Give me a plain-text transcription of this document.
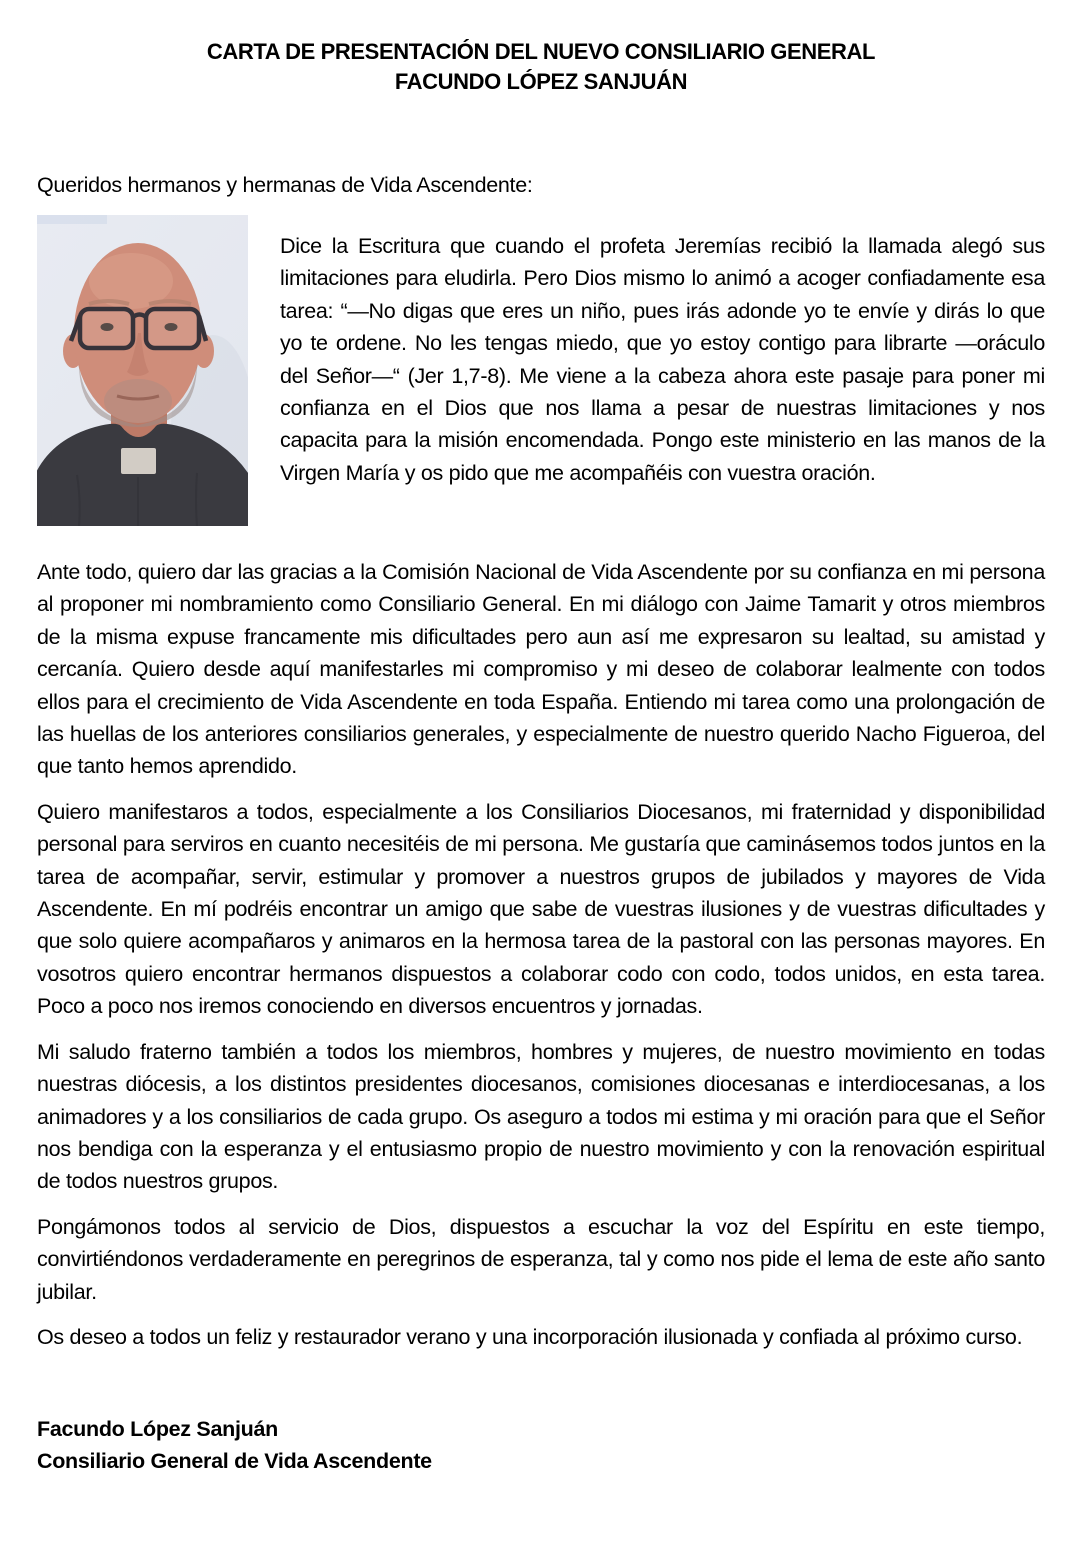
CARTA DE PRESENTACIÓN DEL NUEVO CONSILIARIO GENERAL
FACUNDO LÓPEZ SANJUÁN

Queridos hermanos y hermanas de Vida Ascendente:

Dice la Escritura que cuando el profeta Jeremías recibió la llamada alegó sus limitaciones para eludirla. Pero Dios mismo lo animó a acoger confiadamente esa tarea: “—No digas que eres un niño, pues irás adonde yo te envíe y dirás lo que yo te ordene. No les tengas miedo, que yo estoy contigo para librarte —oráculo del Señor—“ (Jer 1,7-8). Me viene a la cabeza ahora este pasaje para poner mi confianza en el Dios que nos llama a pesar de nuestras limitaciones y nos capacita para la misión encomendada. Pongo este ministerio en las manos de la Virgen María y os pido que me acompañéis con vuestra oración.

Ante todo, quiero dar las gracias a la Comisión Nacional de Vida Ascendente por su confianza en mi persona al proponer mi nombramiento como Consiliario General. En mi diálogo con Jaime Tamarit y otros miembros de la misma expuse francamente mis dificultades pero aun así me expresaron su lealtad, su amistad y cercanía. Quiero desde aquí manifestarles mi compromiso y mi deseo de colaborar lealmente con todos ellos para el crecimiento de Vida Ascendente en toda España. Entiendo mi tarea como una prolongación de las huellas de los anteriores consiliarios generales, y especialmente de nuestro querido Nacho Figueroa, del que tanto hemos aprendido.

Quiero manifestaros a todos, especialmente a los Consiliarios Diocesanos, mi fraternidad y disponibilidad personal para serviros en cuanto necesitéis de mi persona. Me gustaría que caminásemos todos juntos en la tarea de acompañar, servir, estimular y promover a nuestros grupos de jubilados y mayores de Vida Ascendente. En mí podréis encontrar un amigo que sabe de vuestras ilusiones y de vuestras dificultades y que solo quiere acompañaros y animaros en la hermosa tarea de la pastoral con las personas mayores. En vosotros quiero encontrar hermanos dispuestos a colaborar codo con codo, todos unidos, en esta tarea. Poco a poco nos iremos conociendo en diversos encuentros y jornadas.

Mi saludo fraterno también a todos los miembros, hombres y mujeres, de nuestro movimiento en todas nuestras diócesis, a los distintos presidentes diocesanos, comisiones diocesanas e interdiocesanas, a los animadores y a los consiliarios de cada grupo. Os aseguro a todos mi estima y mi oración para que el Señor nos bendiga con la esperanza y el entusiasmo propio de nuestro movimiento y con la renovación espiritual de todos nuestros grupos.

Pongámonos todos al servicio de Dios, dispuestos a escuchar la voz del Espíritu en este tiempo, convirtiéndonos verdaderamente en peregrinos de esperanza, tal y como nos pide el lema de este año santo jubilar.

Os deseo a todos un feliz y restaurador verano y una incorporación ilusionada y confiada al próximo curso.

Facundo López Sanjuán
Consiliario General de Vida Ascendente
